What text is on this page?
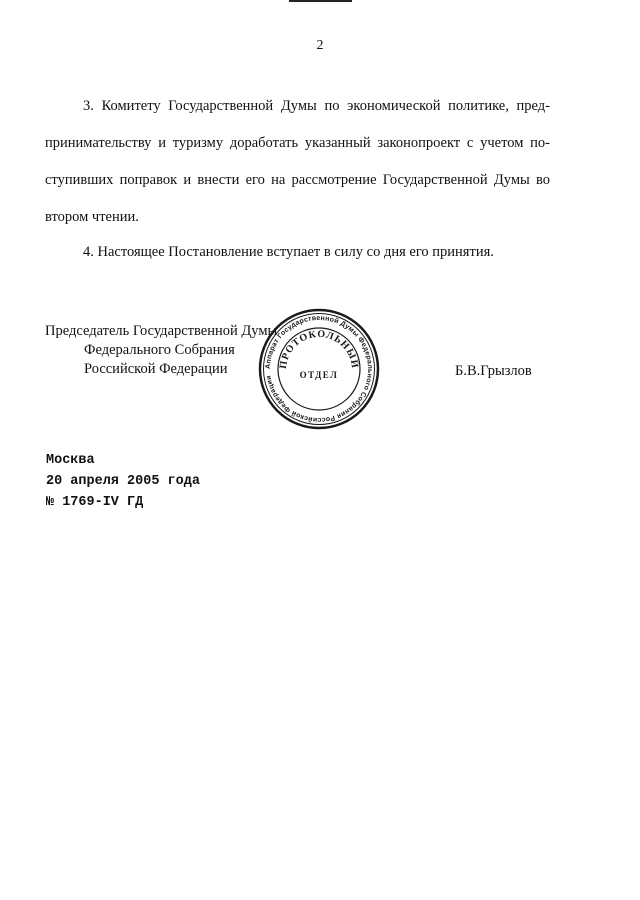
2
3. Комитету Государственной Думы по экономической политике, пред-
принимательству и туризму доработать указанный законопроект с учетом по-
ступивших поправок и внести его на рассмотрение Государственной Думы во
втором чтении.
4. Настоящее Постановление вступает в силу со дня его принятия.
Председатель Государственной Думы
Федерального Собрания
Российской Федерации	Аппарат Государственной Думы Федерального Собрания Российской Федерации
ПРОТОКОЛЬНЫЙ
ОТДЕЛ	Б.В.Грызлов
Москва
20 апреля 2005 года
№ 1769-IV ГД
